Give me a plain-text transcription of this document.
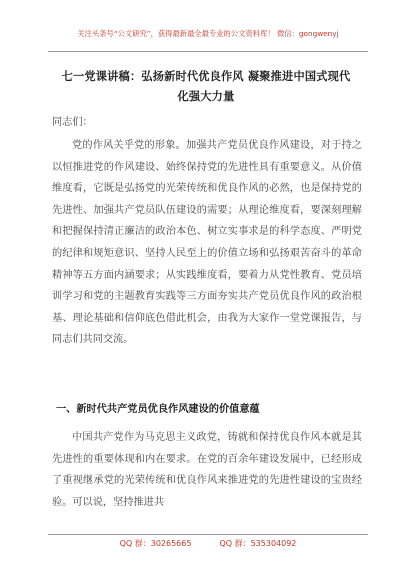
关注头条号“公文研究”，获得最新最全最专业的公文资料库！ 微信：gongwenyj
七一党课讲稿：弘扬新时代优良作风 凝聚推进中国式现代化强大力量
同志们：

党的作风关乎党的形象。加强共产党员优良作风建设，对于持之以恒推进党的作风建设、始终保持党的先进性具有重要意义。从价值维度看，它既是弘扬党的光荣传统和优良作风的必然，也是保持党的先进性、加强共产党员队伍建设的需要；从理论维度看，要深刻理解和把握保持清正廉洁的政治本色、树立实事求是的科学态度、严明党的纪律和规矩意识、坚持人民至上的价值立场和弘扬艰苦奋斗的革命精神等五方面内涵要求；从实践维度看，要着力从党性教育、党员培训学习和党的主题教育实践等三方面夯实共产党员优良作风的政治根基、理论基础和信仰底色借此机会，由我为大家作一堂党课报告，与同志们共同交流。

一、新时代共产党员优良作风建设的价值意蕴

中国共产党作为马克思主义政党，铸就和保持优良作风本就是其先进性的重要体现和内在要求。在党的百余年建设发展中，已经形成了重视继承党的光荣传统和优良作风来推进党的先进性建设的宝贵经验。可以说，坚持推进共

QQ 群：30265665	QQ 群：535304092
